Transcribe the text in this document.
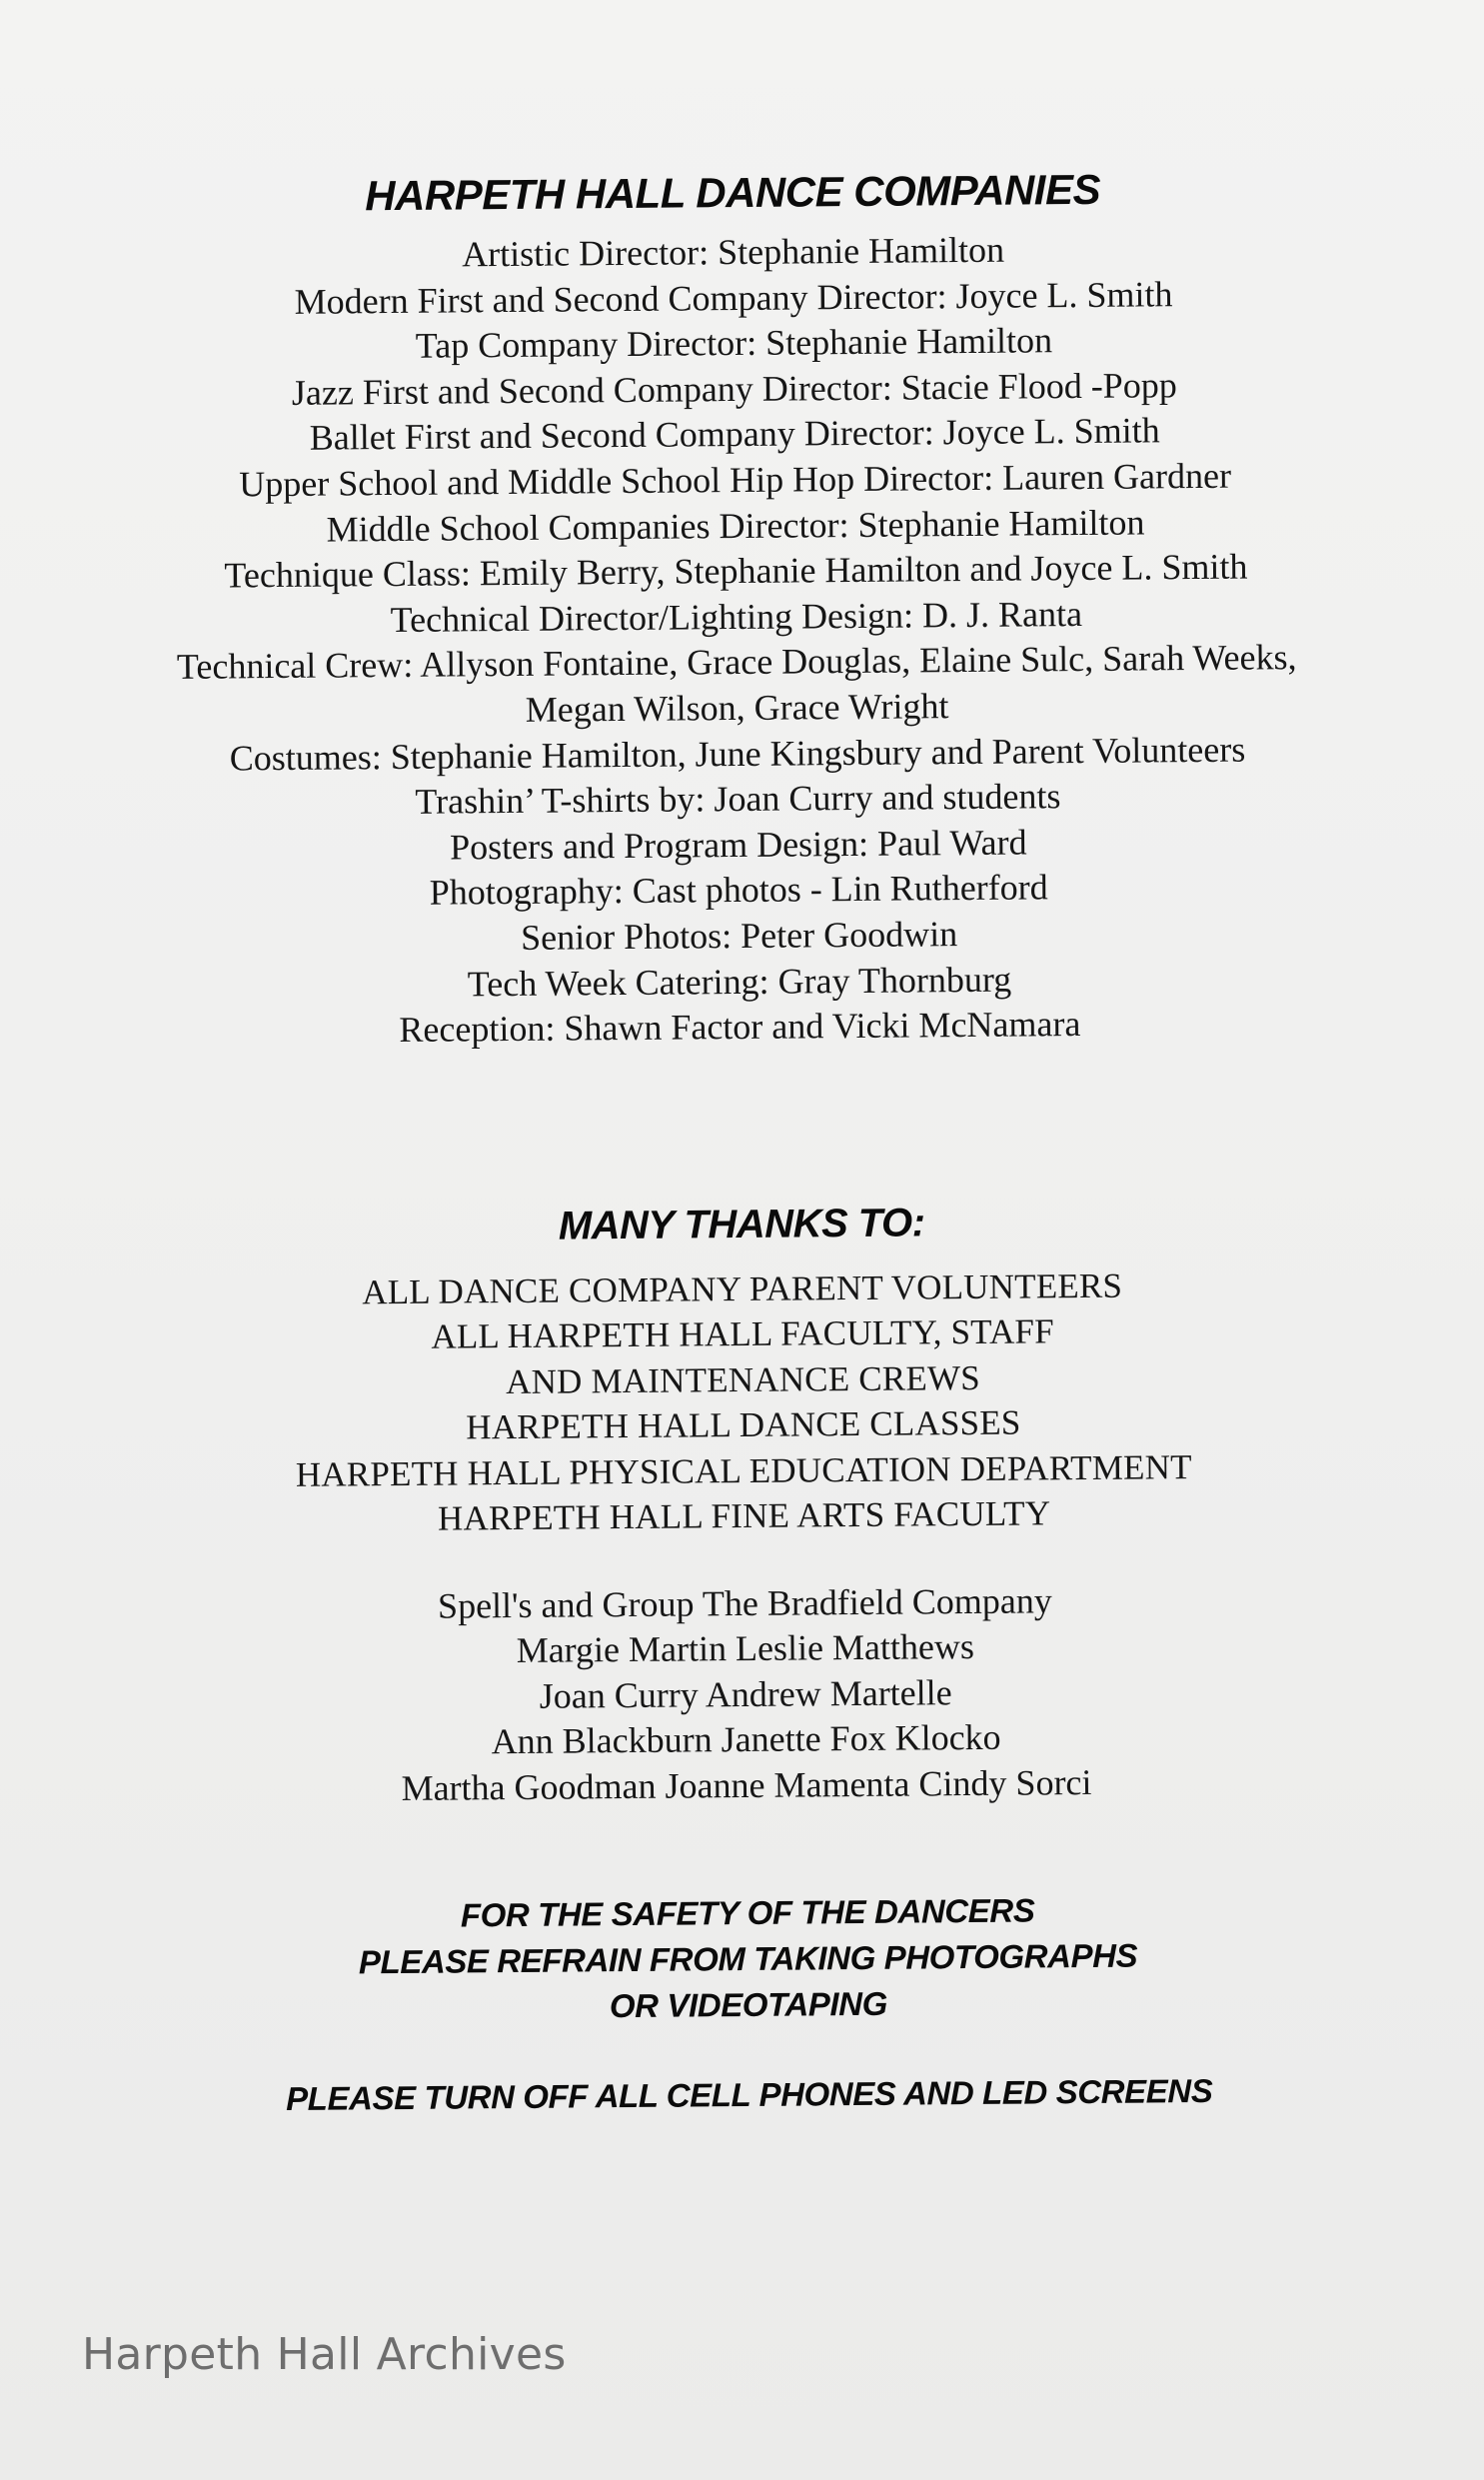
HARPETH HALL DANCE COMPANIES
Artistic Director: Stephanie Hamilton
Modern First and Second Company Director: Joyce L. Smith
Tap Company Director: Stephanie Hamilton
Jazz First and Second Company Director: Stacie Flood -Popp
Ballet First and Second Company Director: Joyce L. Smith
Upper School and Middle School Hip Hop Director: Lauren Gardner
Middle School Companies Director: Stephanie Hamilton
Technique Class: Emily Berry, Stephanie Hamilton and Joyce L. Smith
Technical Director/Lighting Design: D. J. Ranta
Technical Crew: Allyson Fontaine, Grace Douglas, Elaine Sulc, Sarah Weeks,
Megan Wilson, Grace Wright
Costumes: Stephanie Hamilton, June Kingsbury and Parent Volunteers
Trashin’ T-shirts by: Joan Curry and students
Posters and Program Design: Paul Ward
Photography: Cast photos - Lin Rutherford
Senior Photos: Peter Goodwin
Tech Week Catering: Gray Thornburg
Reception: Shawn Factor and Vicki McNamara
MANY THANKS TO:
ALL DANCE COMPANY PARENT VOLUNTEERS
ALL HARPETH HALL FACULTY, STAFF
AND MAINTENANCE CREWS
HARPETH HALL DANCE CLASSES
HARPETH HALL PHYSICAL EDUCATION DEPARTMENT
HARPETH HALL FINE ARTS FACULTY
Spell's and Group The Bradfield Company
Margie Martin Leslie Matthews
Joan Curry Andrew Martelle
Ann Blackburn Janette Fox Klocko
Martha Goodman Joanne Mamenta Cindy Sorci

FOR THE SAFETY OF THE DANCERS

PLEASE REFRAIN FROM TAKING PHOTOGRAPHS

OR VIDEOTAPING

PLEASE TURN OFF ALL CELL PHONES AND LED SCREENS

Harpeth Hall Archives
